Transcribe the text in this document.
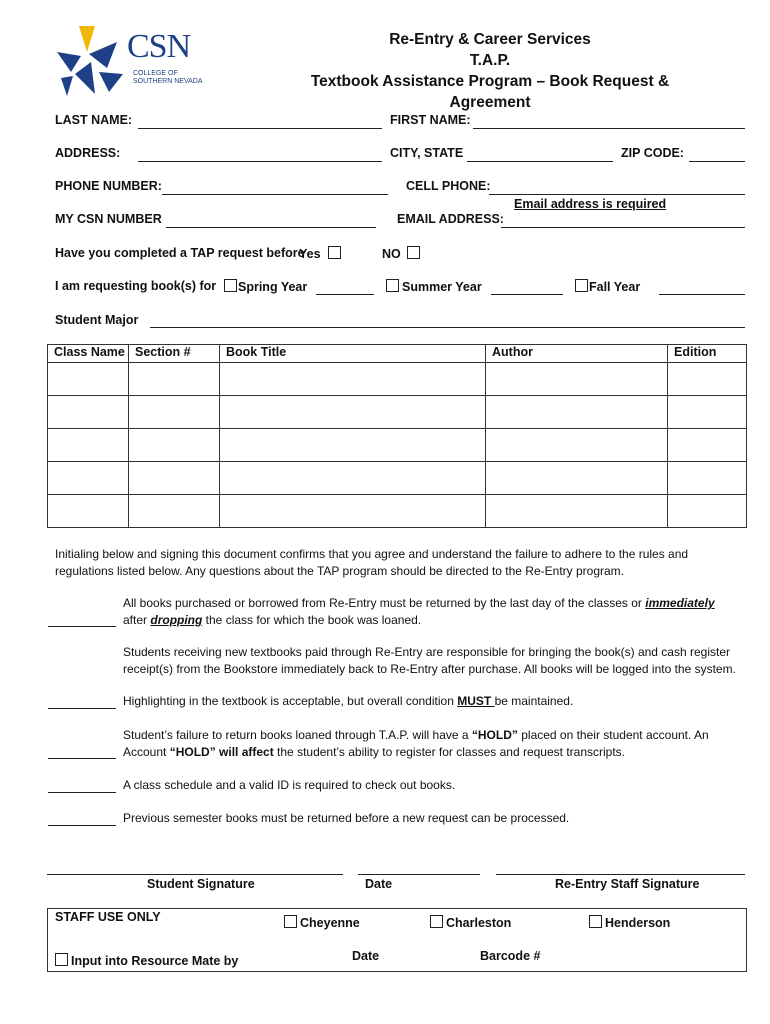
CSN
COLLEGE OF
SOUTHERN NEVADA
Re-Entry & Career Services
T.A.P.
Textbook Assistance Program – Book Request & Agreement
LAST NAME:	FIRST NAME:
ADDRESS:	CITY, STATE	ZIP CODE:
PHONE NUMBER:	CELL PHONE:
Email address is required
MY CSN NUMBER	EMAIL ADDRESS:
Have you completed a TAP request before
Yes	NO
I am requesting book(s) for	Spring Year	Summer Year	Fall Year
Student Major
Class Name	Section #	Book Title	Author	Edition

Initialing below and signing this document confirms that you agree and understand the failure to adhere to the rules and regulations listed below. Any questions about the TAP program should be directed to the Re-Entry program.
All books purchased or borrowed from Re-Entry must be returned by the last day of the classes or immediately after dropping the class for which the book was loaned.
Students receiving new textbooks paid through Re-Entry are responsible for bringing the book(s) and cash register receipt(s) from the Bookstore immediately back to Re-Entry after purchase. All books will be logged into the system.
Highlighting in the textbook is acceptable, but overall condition MUST be maintained.
Student’s failure to return books loaned through T.A.P. will have a “HOLD” placed on their student account. An Account “HOLD” will affect the student’s ability to register for classes and request transcripts.
A class schedule and a valid ID is required to check out books.
Previous semester books must be returned before a new request can be processed.
Student Signature	Date	Re-Entry Staff Signature
STAFF USE ONLY	Cheyenne	Charleston	Henderson
Input into Resource Mate by	Date	Barcode #
